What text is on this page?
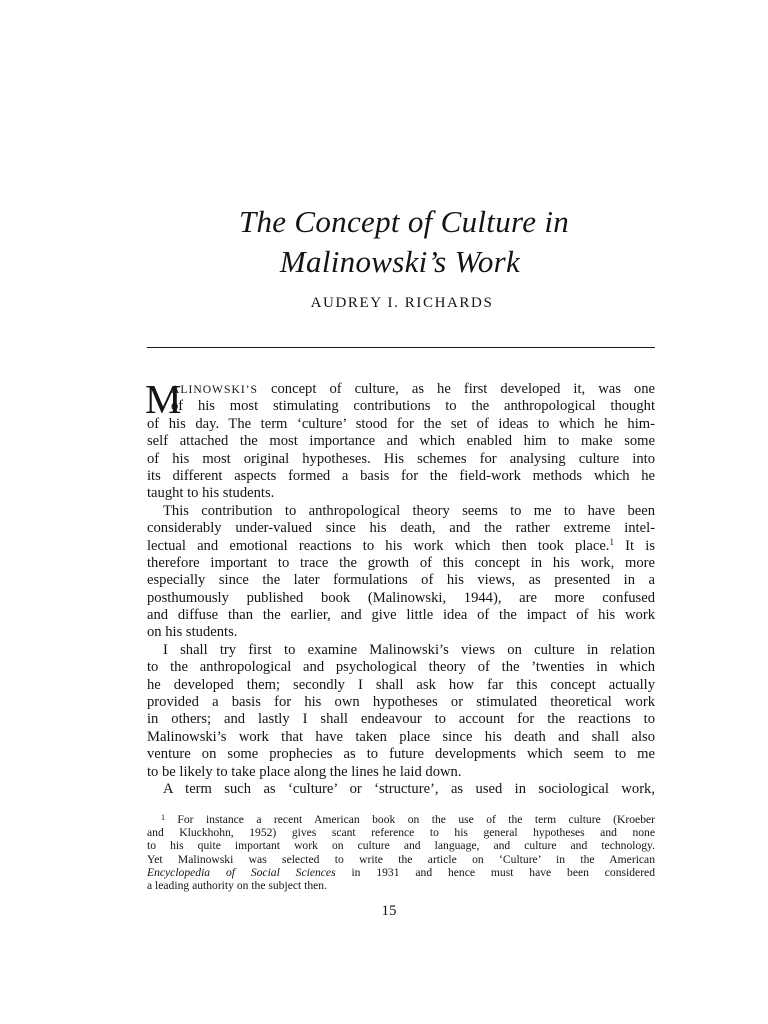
The Concept of Culture in
Malinowski’s Work

AUDREY I. RICHARDS

M
ALINOWSKI’S concept of culture, as he first developed it, was one
of his most stimulating contributions to the anthropological thought
of his day. The term ‘culture’ stood for the set of ideas to which he him-
self attached the most importance and which enabled him to make some
of his most original hypotheses. His schemes for analysing culture into
its different aspects formed a basis for the field-work methods which he
taught to his students.
This contribution to anthropological theory seems to me to have been
considerably under-valued since his death, and the rather extreme intel-
lectual and emotional reactions to his work which then took place.$^1$ It is
therefore important to trace the growth of this concept in his work, more
especially since the later formulations of his views, as presented in a
posthumously published book (Malinowski, 1944), are more confused
and diffuse than the earlier, and give little idea of the impact of his work
on his students.
I shall try first to examine Malinowski’s views on culture in relation
to the anthropological and psychological theory of the ’twenties in which
he developed them; secondly I shall ask how far this concept actually
provided a basis for his own hypotheses or stimulated theoretical work
in others; and lastly I shall endeavour to account for the reactions to
Malinowski’s work that have taken place since his death and shall also
venture on some prophecies as to future developments which seem to me
to be likely to take place along the lines he laid down.
A term such as ‘culture’ or ‘structure’, as used in sociological work,
$^1$ For instance a recent American book on the use of the term culture (Kroeber
and Kluckhohn, 1952) gives scant reference to his general hypotheses and none
to his quite important work on culture and language, and culture and technology.
Yet Malinowski was selected to write the article on ‘Culture’ in the American
Encyclopedia of Social Sciences in 1931 and hence must have been considered
a leading authority on the subject then.
15
